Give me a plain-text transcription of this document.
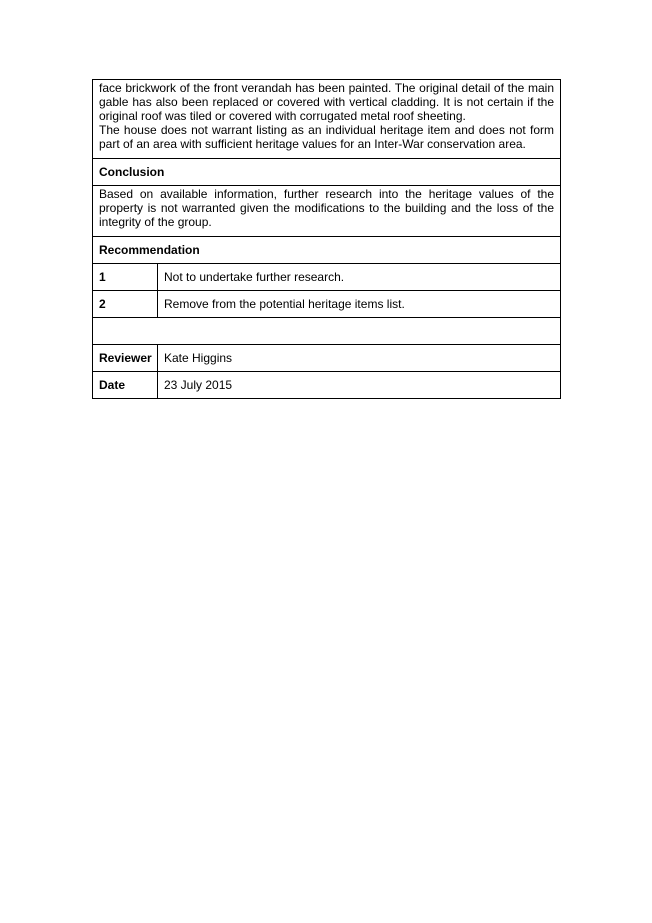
face brickwork of the front verandah has been painted. The original detail of the main gable has also been replaced or covered with vertical cladding. It is not certain if the original roof was tiled or covered with corrugated metal roof sheeting.

The house does not warrant listing as an individual heritage item and does not form part of an area with sufficient heritage values for an Inter-War conservation area.	

Conclusion	

Based on available information, further research into the heritage values of the property is not warranted given the modifications to the building and the loss of the integrity of the group.	

Recommendation	
1	Not to undertake further research.
2	Remove from the potential heritage items list.

Reviewer	Kate Higgins
Date	23 July 2015
